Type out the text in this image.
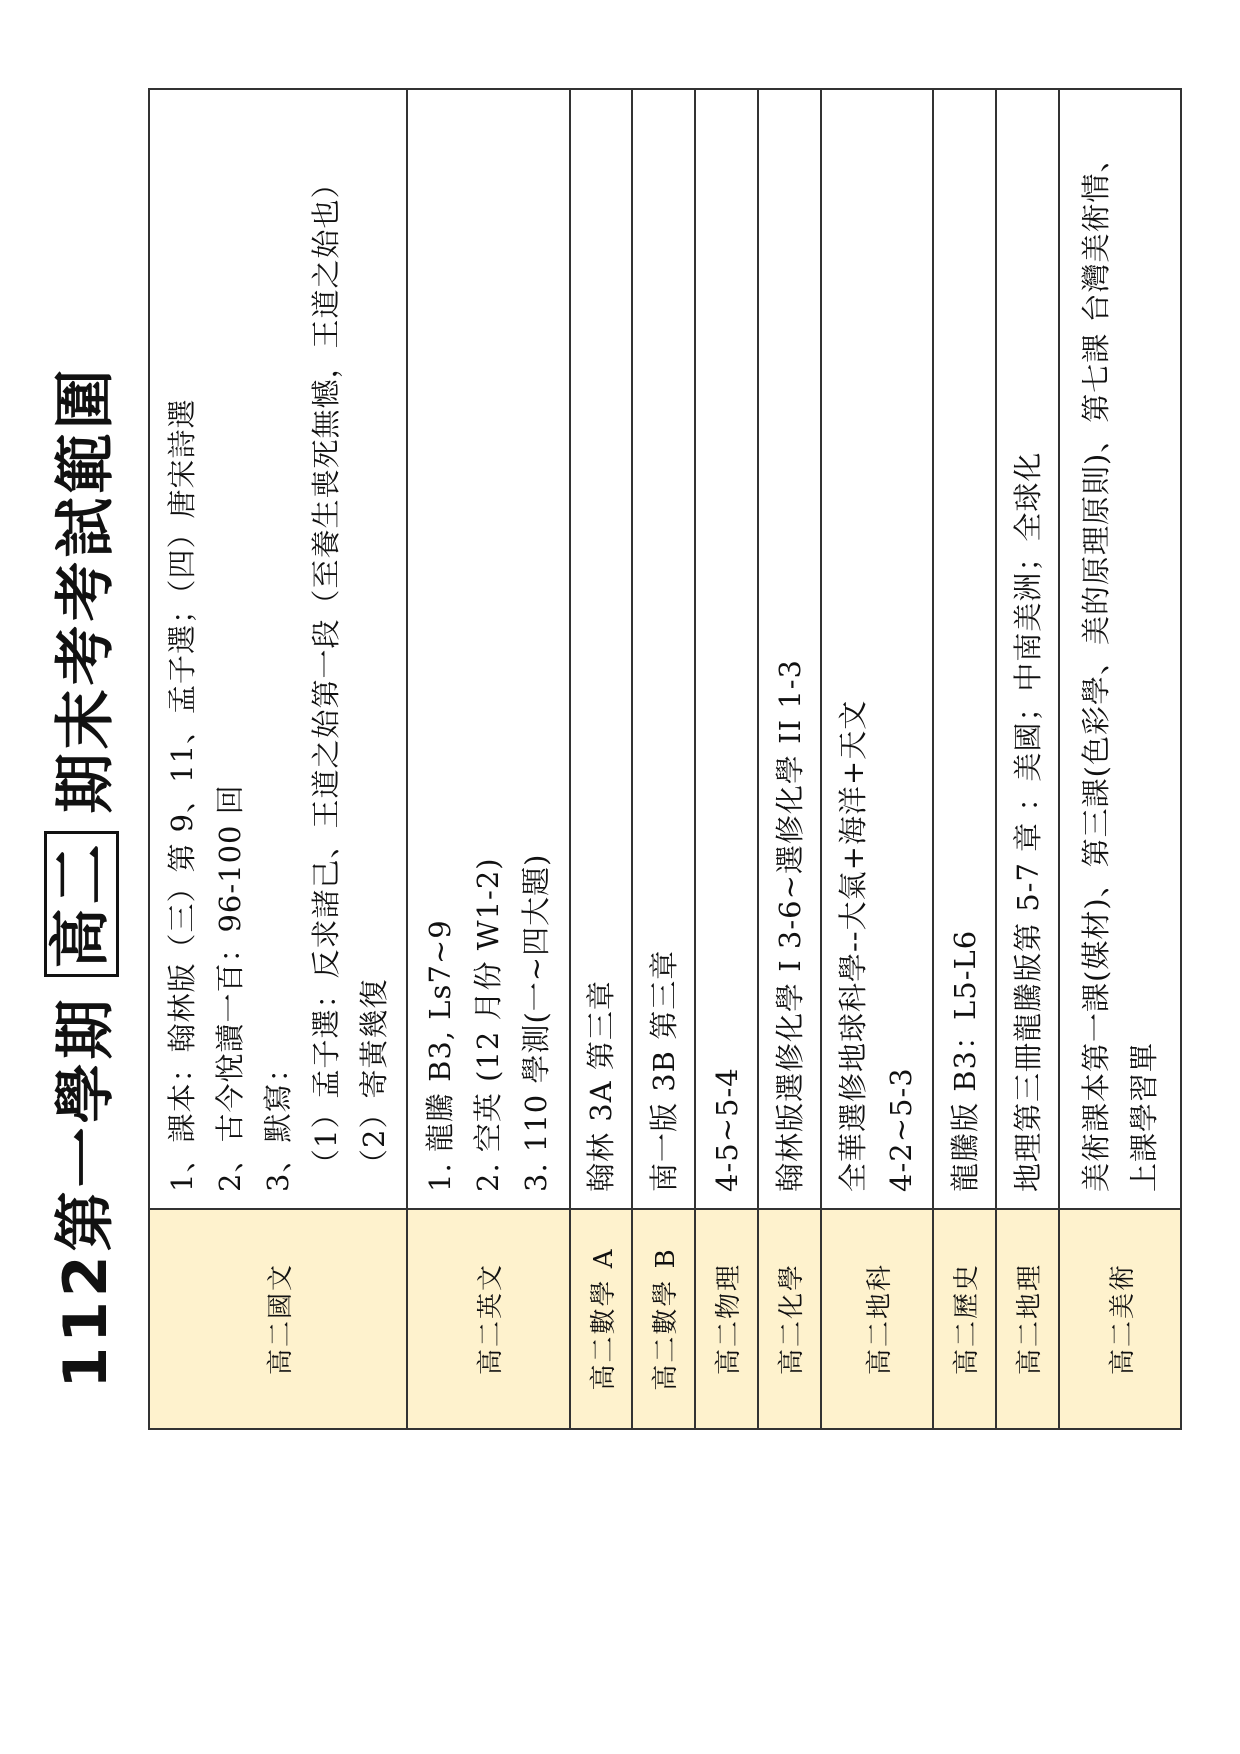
112第一學期
高二
期末考考試範圍
高二國文	1、課本：翰林版（三）第 9、11、孟子選；（四）唐宋詩選 2、古今悅讀一百：96-100 回 3、默寫： （1）孟子選：反求諸己、王道之始第一段（至養生喪死無憾，王道之始也） （2）寄黃幾復

高二英文	1. 龍騰 B3, Ls7~9 2. 空英 (12 月份 W1-2) 3. 110 學測(一~四大題)

高二數學 A	翰林 3A 第三章

高二數學 B	南一版 3B 第三章

高二物理	4-5~5-4

高二化學	翰林版選修化學 I 3-6~選修化學 II 1-3

高二地科	全華選修地球科學--大氣+海洋+天文 4-2~5-3

高二歷史	龍騰版 B3：L5-L6

高二地理	地理第三冊龍騰版第 5-7 章 ：美國；中南美洲；全球化

高二美術	美術課本第一課(媒材)、第三課(色彩學、美的原理原則)、第七課 台灣美術情、 上課學習單
